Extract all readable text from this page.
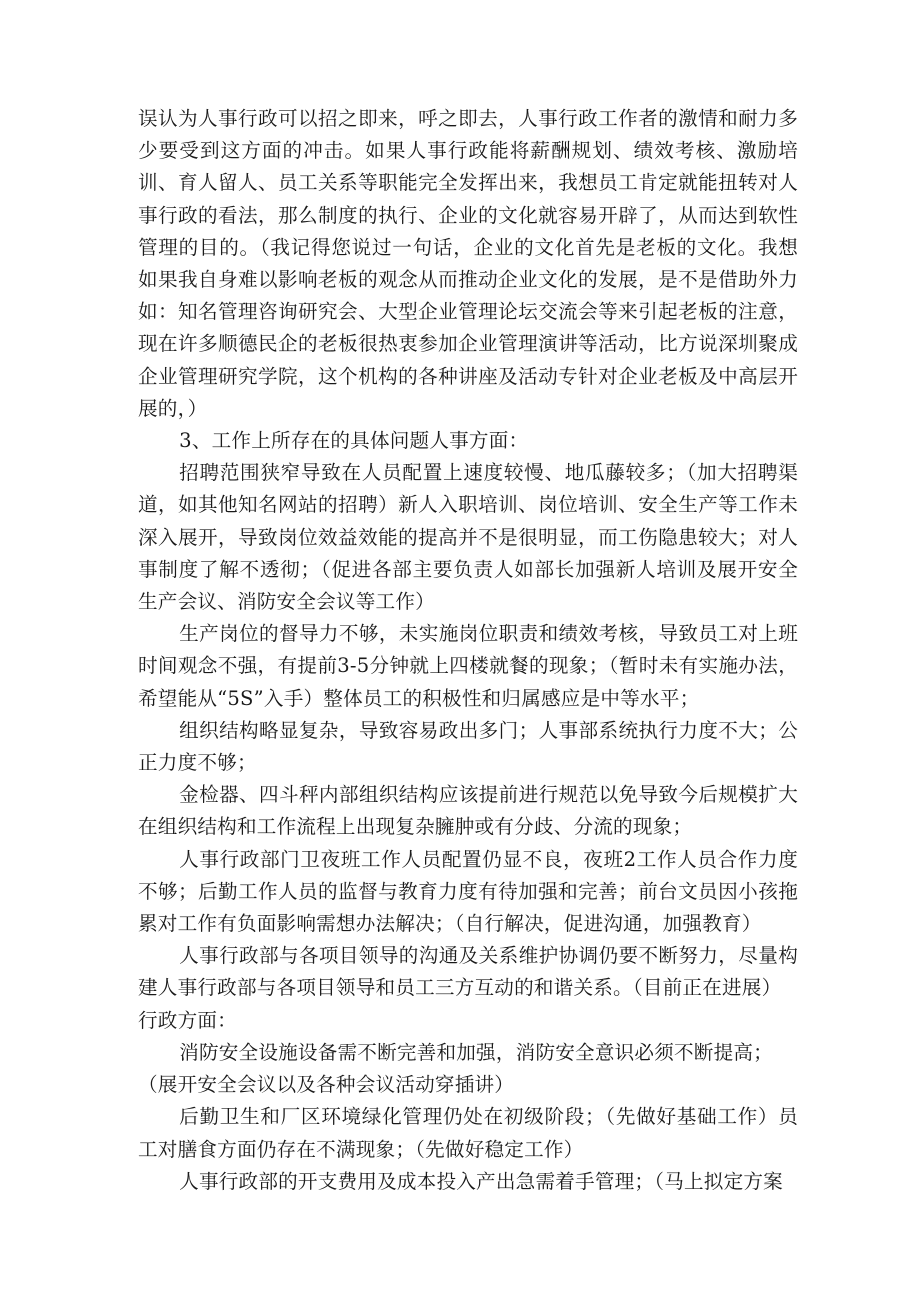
误认为人事行政可以招之即来，呼之即去，人事行政工作者的激情和耐力多少要受到这方面的冲击。如果人事行政能将薪酬规划、绩效考核、激励培训、育人留人、员工关系等职能完全发挥出来，我想员工肯定就能扭转对人事行政的看法，那么制度的执行、企业的文化就容易开辟了，从而达到软性管理的目的。（我记得您说过一句话，企业的文化首先是老板的文化。我想如果我自身难以影响老板的观念从而推动企业文化的发展，是不是借助外力如：知名管理咨询研究会、大型企业管理论坛交流会等来引起老板的注意，现在许多顺德民企的老板很热衷参加企业管理演讲等活动，比方说深圳聚成企业管理研究学院，这个机构的各种讲座及活动专针对企业老板及中高层开展的，）

3、工作上所存在的具体问题人事方面：

招聘范围狭窄导致在人员配置上速度较慢、地瓜藤较多；（加大招聘渠道，如其他知名网站的招聘）新人入职培训、岗位培训、安全生产等工作未深入展开，导致岗位效益效能的提高并不是很明显，而工伤隐患较大；对人事制度了解不透彻；（促进各部主要负责人如部长加强新人培训及展开安全生产会议、消防安全会议等工作）

生产岗位的督导力不够，未实施岗位职责和绩效考核，导致员工对上班时间观念不强，有提前3-5分钟就上四楼就餐的现象；（暂时未有实施办法，希望能从“5S”入手）整体员工的积极性和归属感应是中等水平；

组织结构略显复杂，导致容易政出多门；人事部系统执行力度不大；公正力度不够；

金检器、四斗秤内部组织结构应该提前进行规范以免导致今后规模扩大在组织结构和工作流程上出现复杂臃肿或有分歧、分流的现象；

人事行政部门卫夜班工作人员配置仍显不良，夜班2工作人员合作力度不够；后勤工作人员的监督与教育力度有待加强和完善；前台文员因小孩拖累对工作有负面影响需想办法解决；（自行解决，促进沟通，加强教育）

人事行政部与各项目领导的沟通及关系维护协调仍要不断努力，尽量构建人事行政部与各项目领导和员工三方互动的和谐关系。（目前正在进展）

行政方面：

消防安全设施设备需不断完善和加强，消防安全意识必须不断提高；

（展开安全会议以及各种会议活动穿插讲）

后勤卫生和厂区环境绿化管理仍处在初级阶段；（先做好基础工作）员工对膳食方面仍存在不满现象；（先做好稳定工作）

人事行政部的开支费用及成本投入产出急需着手管理；（马上拟定方案
